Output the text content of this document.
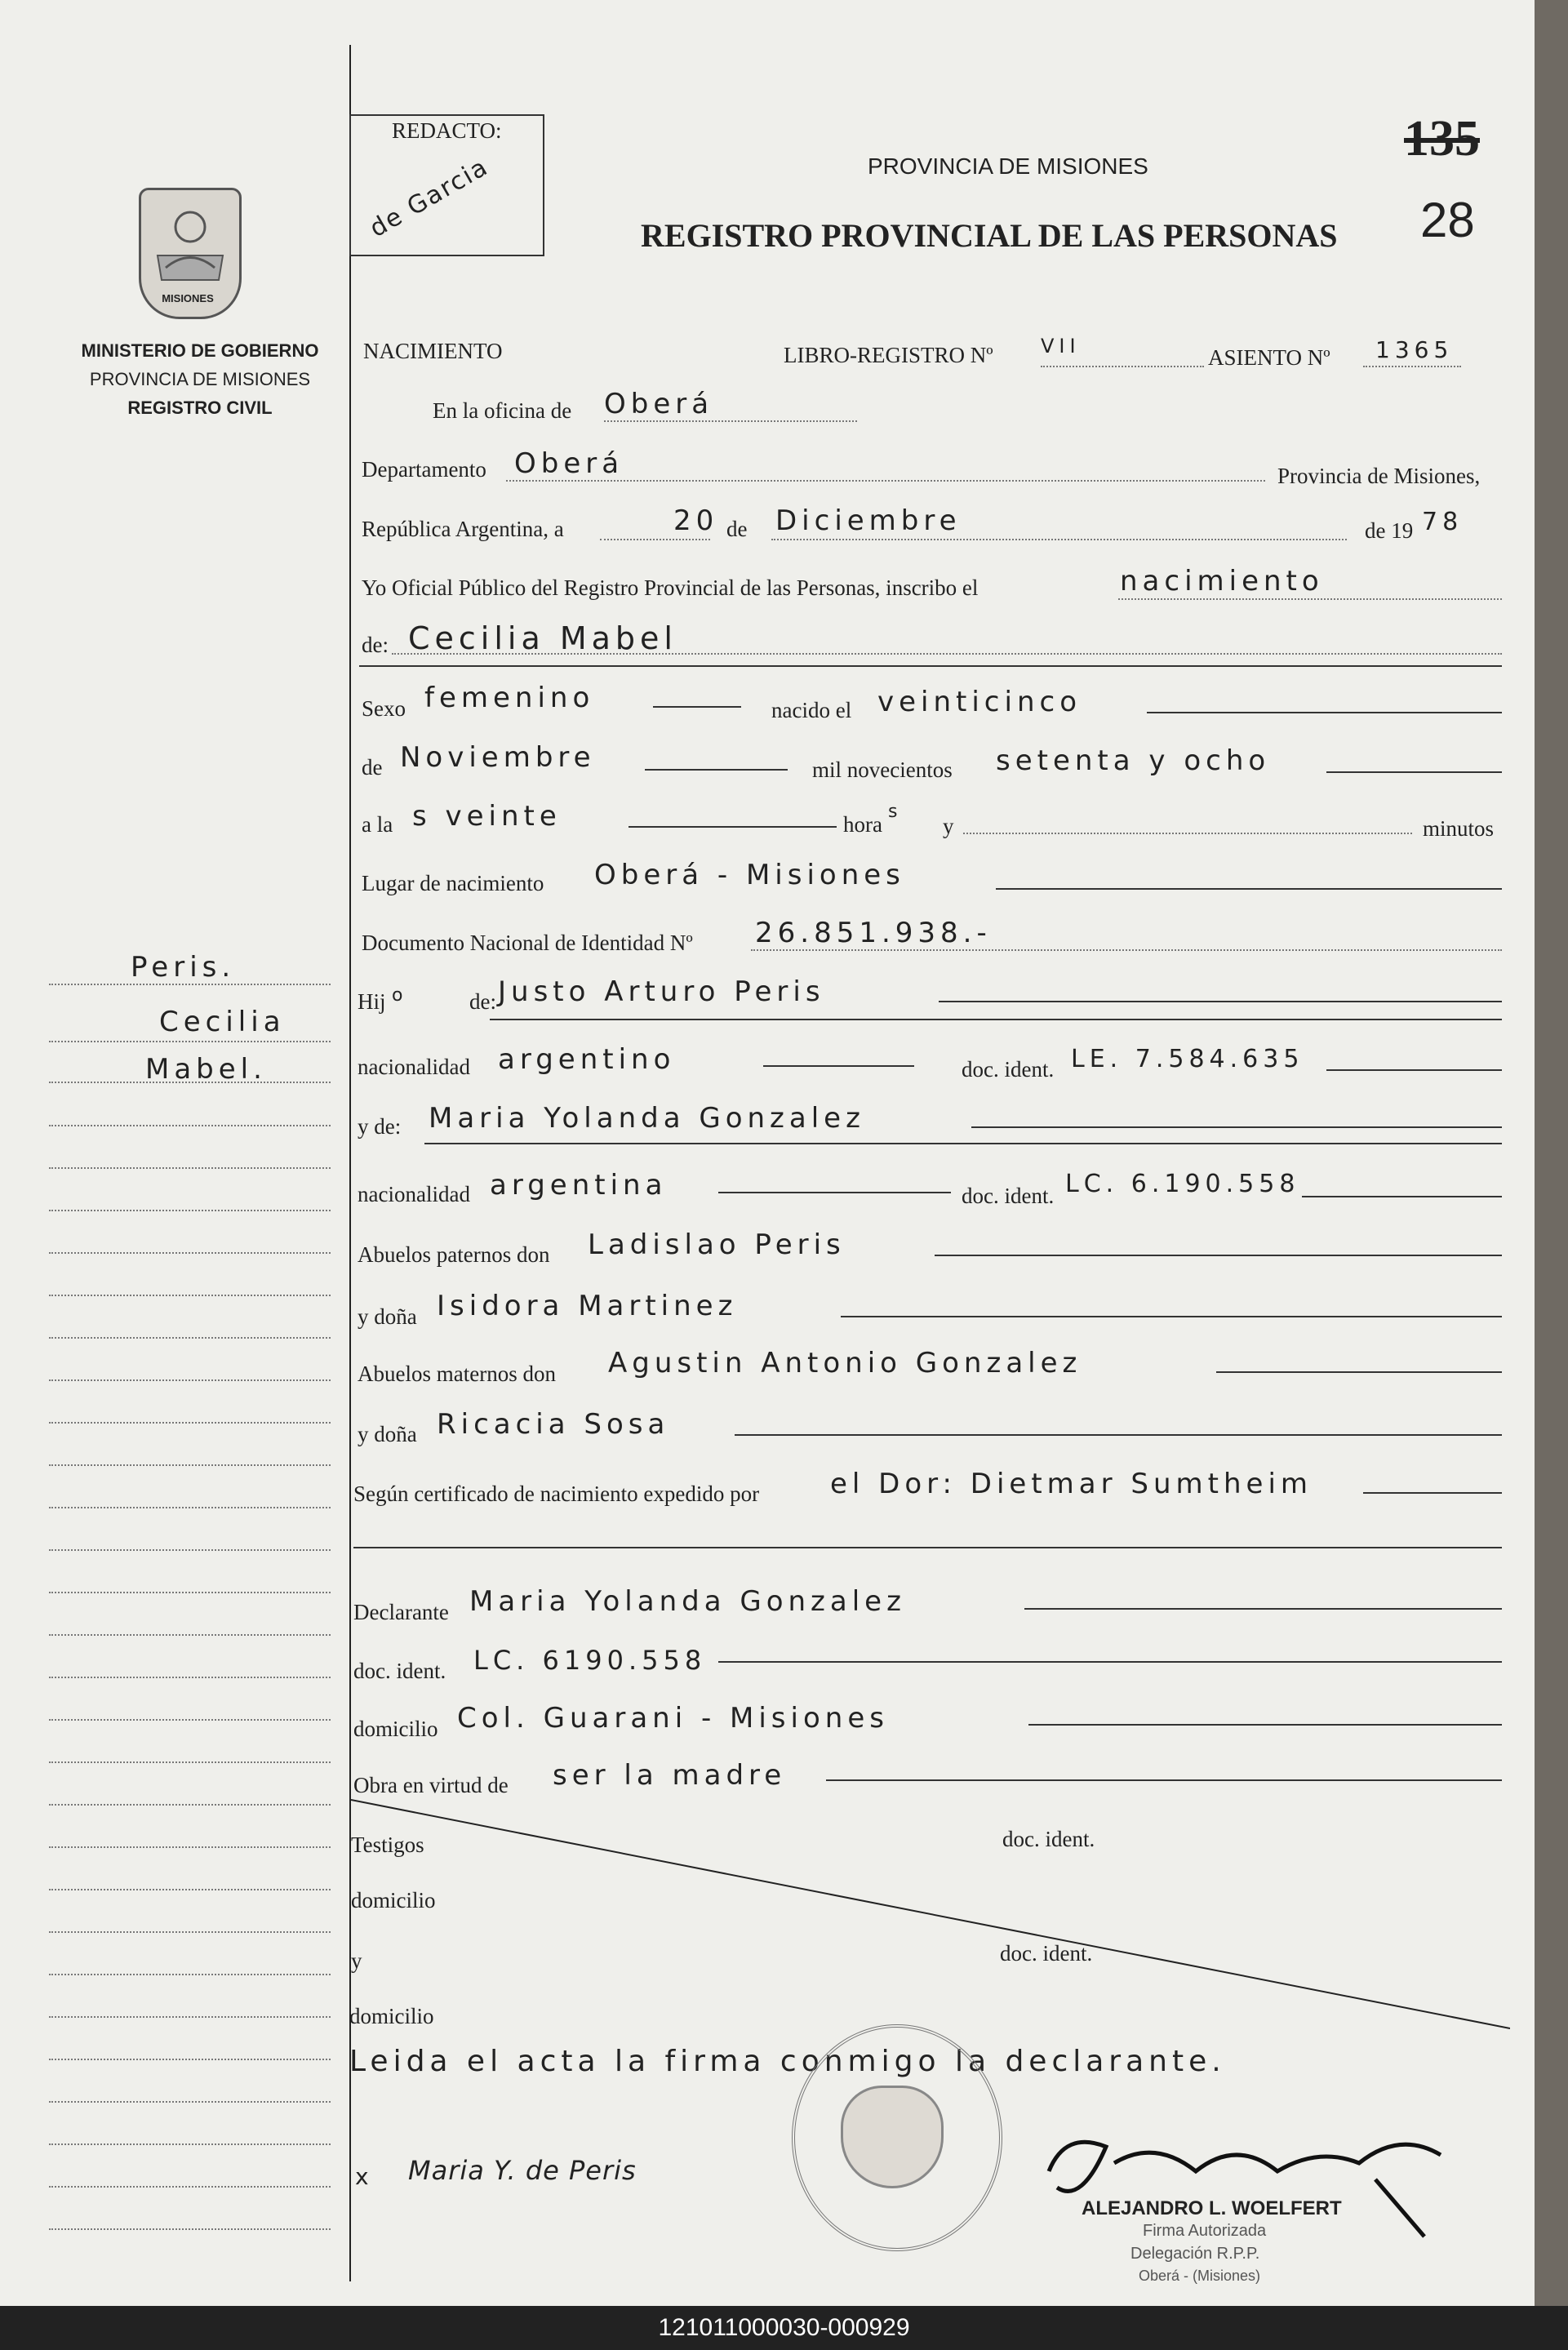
MISIONES
MINISTERIO DE GOBIERNO
PROVINCIA DE MISIONES
REGISTRO CIVIL
Peris.
Cecilia
Mabel.
REDACTO:
de Garcia	PROVINCIA DE MISIONES
REGISTRO PROVINCIAL DE LAS PERSONAS
135
28
NACIMIENTO	LIBRO-REGISTRO Nº VII	ASIENTO Nº 1365
En la oficina de Oberá
Departamento Oberá	Provincia de Misiones,
República Argentina, a	20 de Diciembre	de 19 78
Yo Oficial Público del Registro Provincial de las Personas, inscribo el	nacimiento
de: Cecilia Mabel
Sexo femenino	nacido el veinticinco
de Noviembre	mil novecientos setenta y ocho
a la s veinte	hora
s
y	minutos
Lugar de nacimiento Oberá - Misiones
Documento Nacional de Identidad Nº 26.851.938.-
Hij o	de: Justo Arturo Peris
nacionalidad argentino	doc. ident. LE. 7.584.635
y de: Maria Yolanda Gonzalez
nacionalidad argentina	doc. ident. LC. 6.190.558
Abuelos paternos don Ladislao Peris
y doña Isidora Martinez
Abuelos maternos don Agustin Antonio Gonzalez
y doña Ricacia Sosa
Según certificado de nacimiento expedido por	el Dor: Dietmar Sumtheim
Declarante Maria Yolanda Gonzalez
doc. ident. LC. 6190.558
domicilio Col. Guarani - Misiones
Obra en virtud de ser la madre
Testigos	doc. ident.
domicilio
y	doc. ident.
domicilio
Leida el acta la firma conmigo la declarante.
x Maria Y. de Peris
ALEJANDRO L. WOELFERT
Firma Autorizada
Delegación R.P.P.
Oberá - (Misiones)
121011000030-000929
